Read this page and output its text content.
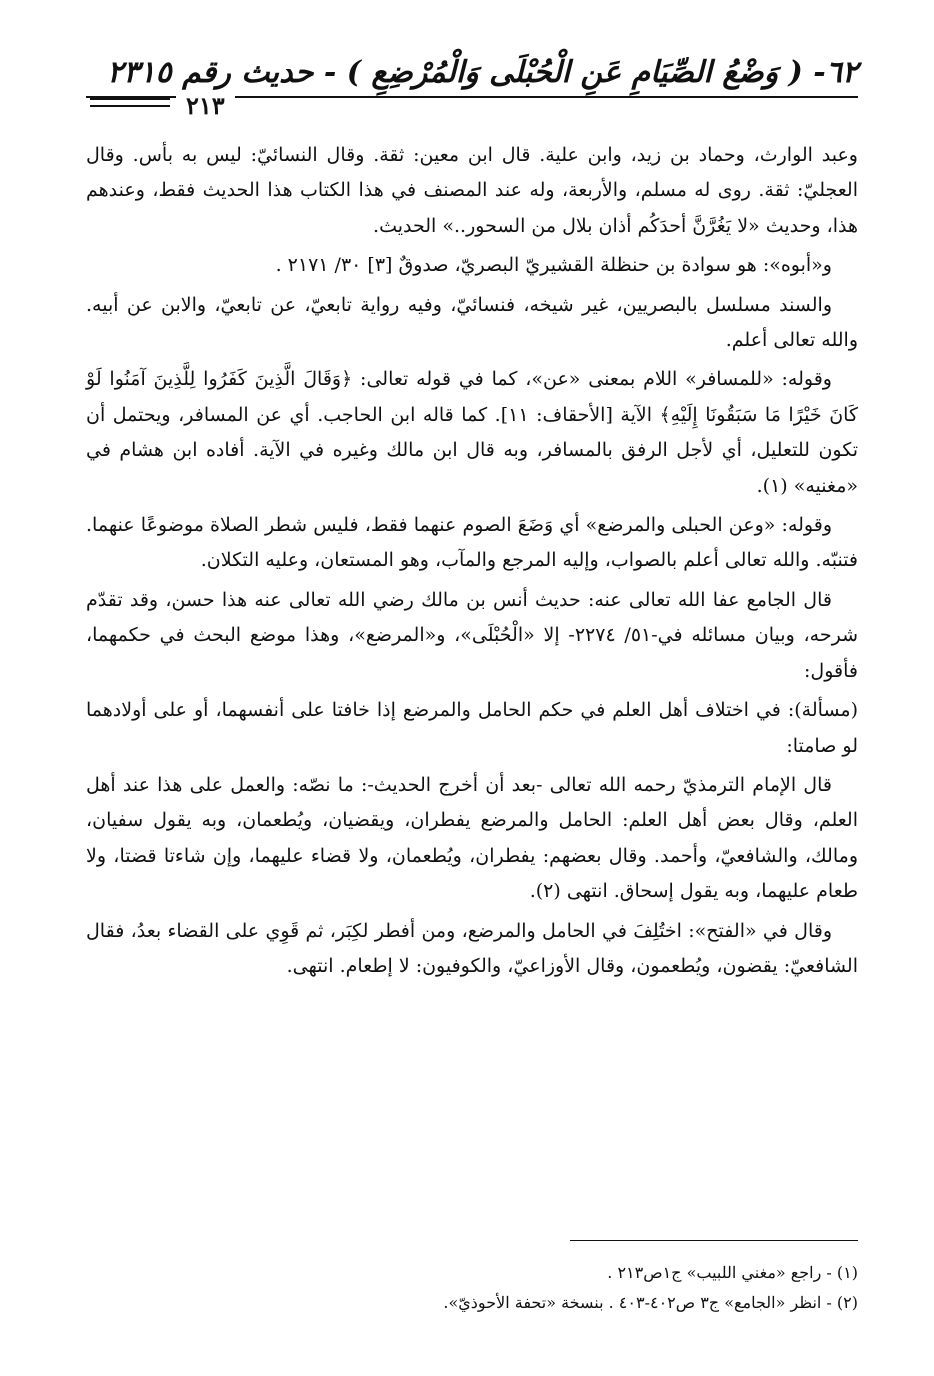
٦٢- ( وَضْعُ الصِّيَامِ عَنِ الْحُبْلَى وَالْمُرْضِعِ ) - حديث رقم ٢٣١٥
٢١٣

وعبد الوارث، وحماد بن زيد، وابن علية. قال ابن معين: ثقة. وقال النسائيّ: ليس به بأس. وقال العجليّ: ثقة. روى له مسلم، والأربعة، وله عند المصنف في هذا الكتاب هذا الحديث فقط، وعندهم هذا، وحديث «لا يَغُرَّنَّ أحدَكُم أذان بلال من السحور..» الحديث.

و«أبوه»: هو سوادة بن حنظلة القشيريّ البصريّ، صدوقٌ [٣] ٣٠/ ٢١٧١ .

والسند مسلسل بالبصريين، غير شيخه، فنسائيّ، وفيه رواية تابعيّ، عن تابعيّ، والابن عن أبيه. والله تعالى أعلم.

وقوله: «للمسافر» اللام بمعنى «عن»، كما في قوله تعالى: ﴿وَقَالَ الَّذِينَ كَفَرُوا لِلَّذِينَ آمَنُوا لَوْ كَانَ خَيْرًا مَا سَبَقُونَا إِلَيْهِ﴾ الآية [الأحقاف: ١١]. كما قاله ابن الحاجب. أي عن المسافر، ويحتمل أن تكون للتعليل، أي لأجل الرفق بالمسافر، وبه قال ابن مالك وغيره في الآية. أفاده ابن هشام في «مغنيه» (١).

وقوله: «وعن الحبلى والمرضع» أي وَضَعَ الصوم عنهما فقط، فليس شطر الصلاة موضوعًا عنهما. فتنبّه. والله تعالى أعلم بالصواب، وإليه المرجع والمآب، وهو المستعان، وعليه التكلان.

قال الجامع عفا الله تعالى عنه: حديث أنس بن مالك رضي الله تعالى عنه هذا حسن، وقد تقدّم شرحه، وبيان مسائله في-٥١/ ٢٢٧٤- إلا «الْحُبْلَى»، و«المرضع»، وهذا موضع البحث في حكمهما، فأقول:

(مسألة): في اختلاف أهل العلم في حكم الحامل والمرضع إذا خافتا على أنفسهما، أو على أولادهما لو صامتا:

قال الإمام الترمذيّ رحمه الله تعالى -بعد أن أخرج الحديث-: ما نصّه: والعمل على هذا عند أهل العلم، وقال بعض أهل العلم: الحامل والمرضع يفطران، ويقضيان، ويُطعمان، وبه يقول سفيان، ومالك، والشافعيّ، وأحمد. وقال بعضهم: يفطران، ويُطعمان، ولا قضاء عليهما، وإن شاءتا قضتا، ولا طعام عليهما، وبه يقول إسحاق. انتهى (٢).

وقال في «الفتح»: اختُلِفَ في الحامل والمرضع، ومن أفطر لكِبَر، ثم قَوِي على القضاء بعدُ، فقال الشافعيّ: يقضون، ويُطعمون، وقال الأوزاعيّ، والكوفيون: لا إطعام. انتهى.

(١) - راجع «مغني اللبيب» ج١ص٢١٣ .

(٢) - انظر «الجامع» ج٣ ص٤٠٢-٤٠٣ . بنسخة «تحفة الأحوذيّ».
